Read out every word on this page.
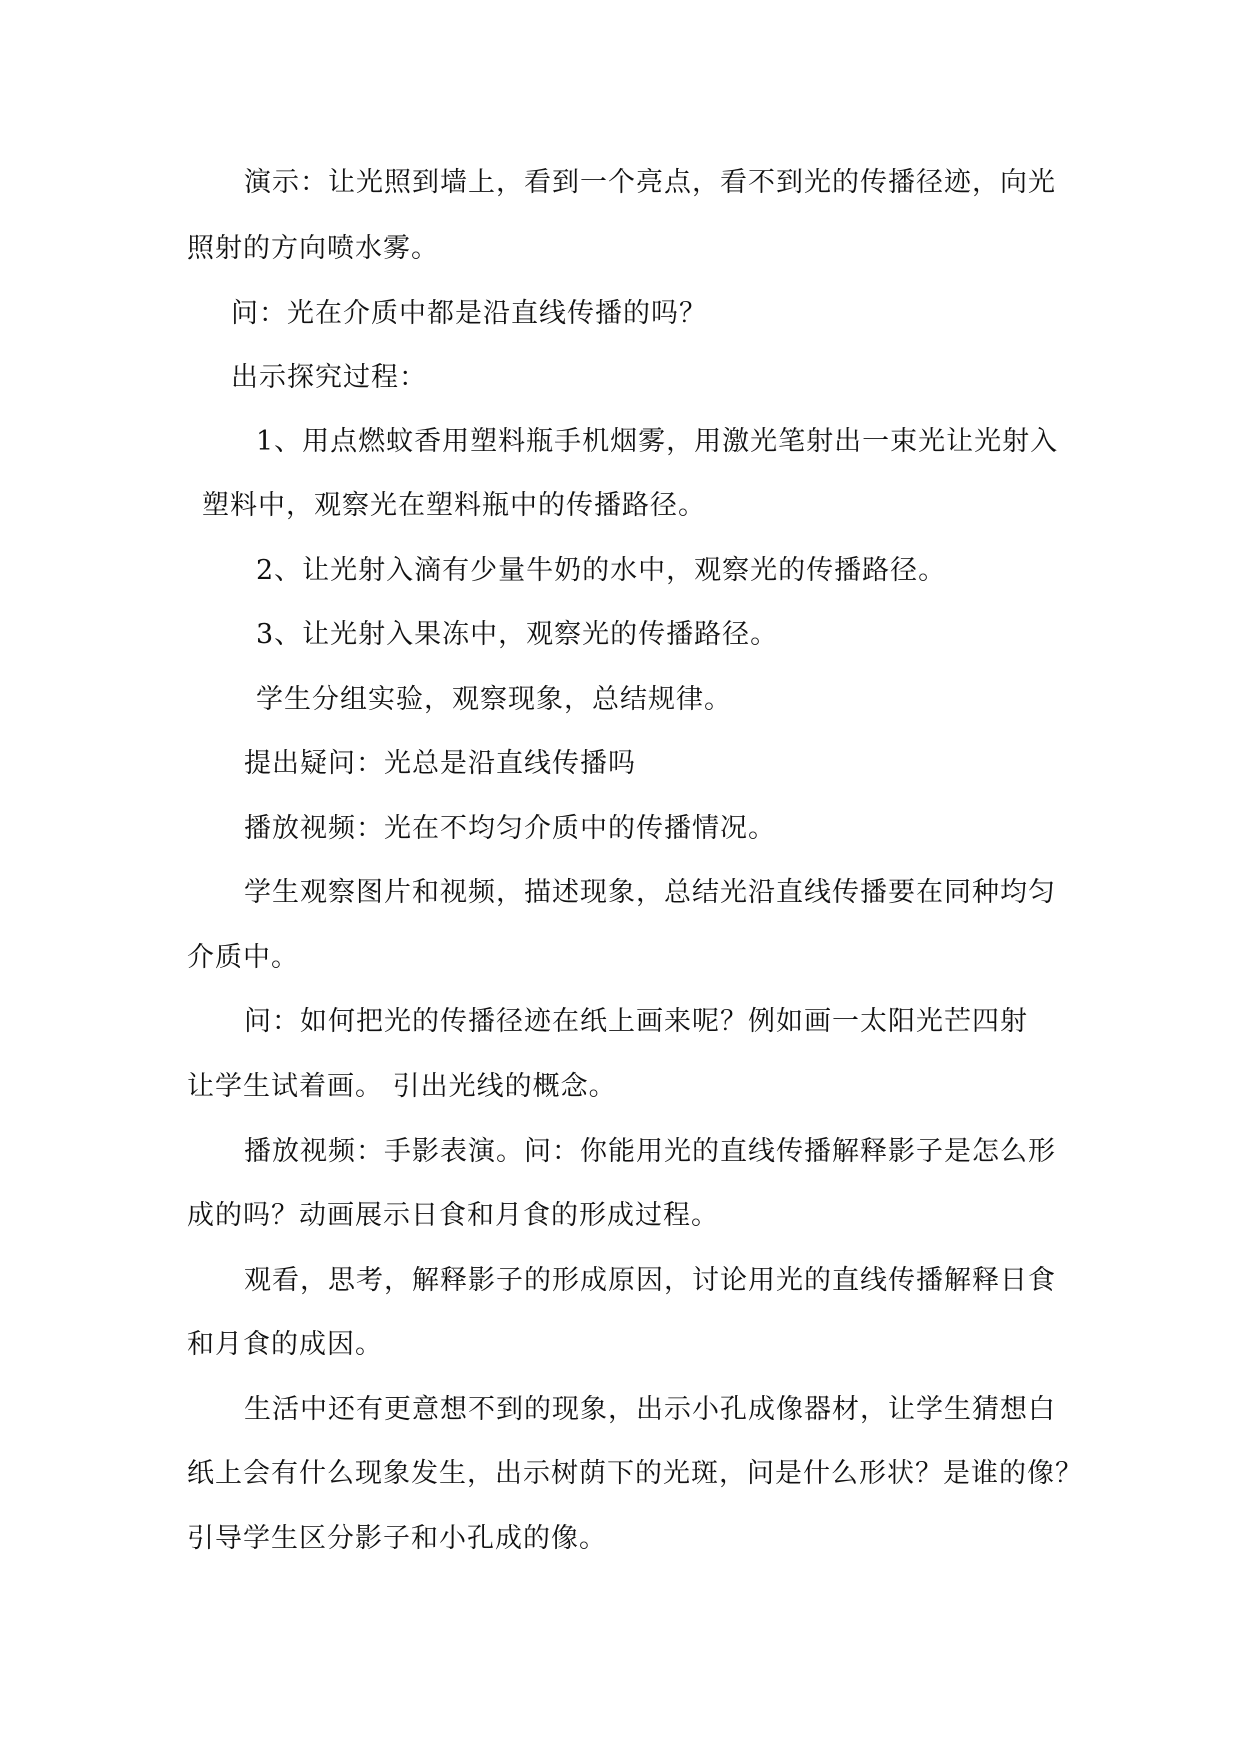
演示：让光照到墙上，看到一个亮点，看不到光的传播径迹，向光
照射的方向喷水雾。
问：光在介质中都是沿直线传播的吗？
出示探究过程：
1、用点燃蚊香用塑料瓶手机烟雾，用激光笔射出一束光让光射入
塑料中，观察光在塑料瓶中的传播路径。
2、让光射入滴有少量牛奶的水中，观察光的传播路径。
3、让光射入果冻中，观察光的传播路径。
学生分组实验，观察现象，总结规律。
提出疑问：光总是沿直线传播吗
播放视频：光在不均匀介质中的传播情况。
学生观察图片和视频，描述现象，总结光沿直线传播要在同种均匀
介质中。
问：如何把光的传播径迹在纸上画来呢？例如画一太阳光芒四射
让学生试着画。 引出光线的概念。
播放视频：手影表演。问：你能用光的直线传播解释影子是怎么形
成的吗？动画展示日食和月食的形成过程。
观看，思考，解释影子的形成原因，讨论用光的直线传播解释日食
和月食的成因。
生活中还有更意想不到的现象，出示小孔成像器材，让学生猜想白
纸上会有什么现象发生，出示树荫下的光斑，问是什么形状？是谁的像？
引导学生区分影子和小孔成的像。
